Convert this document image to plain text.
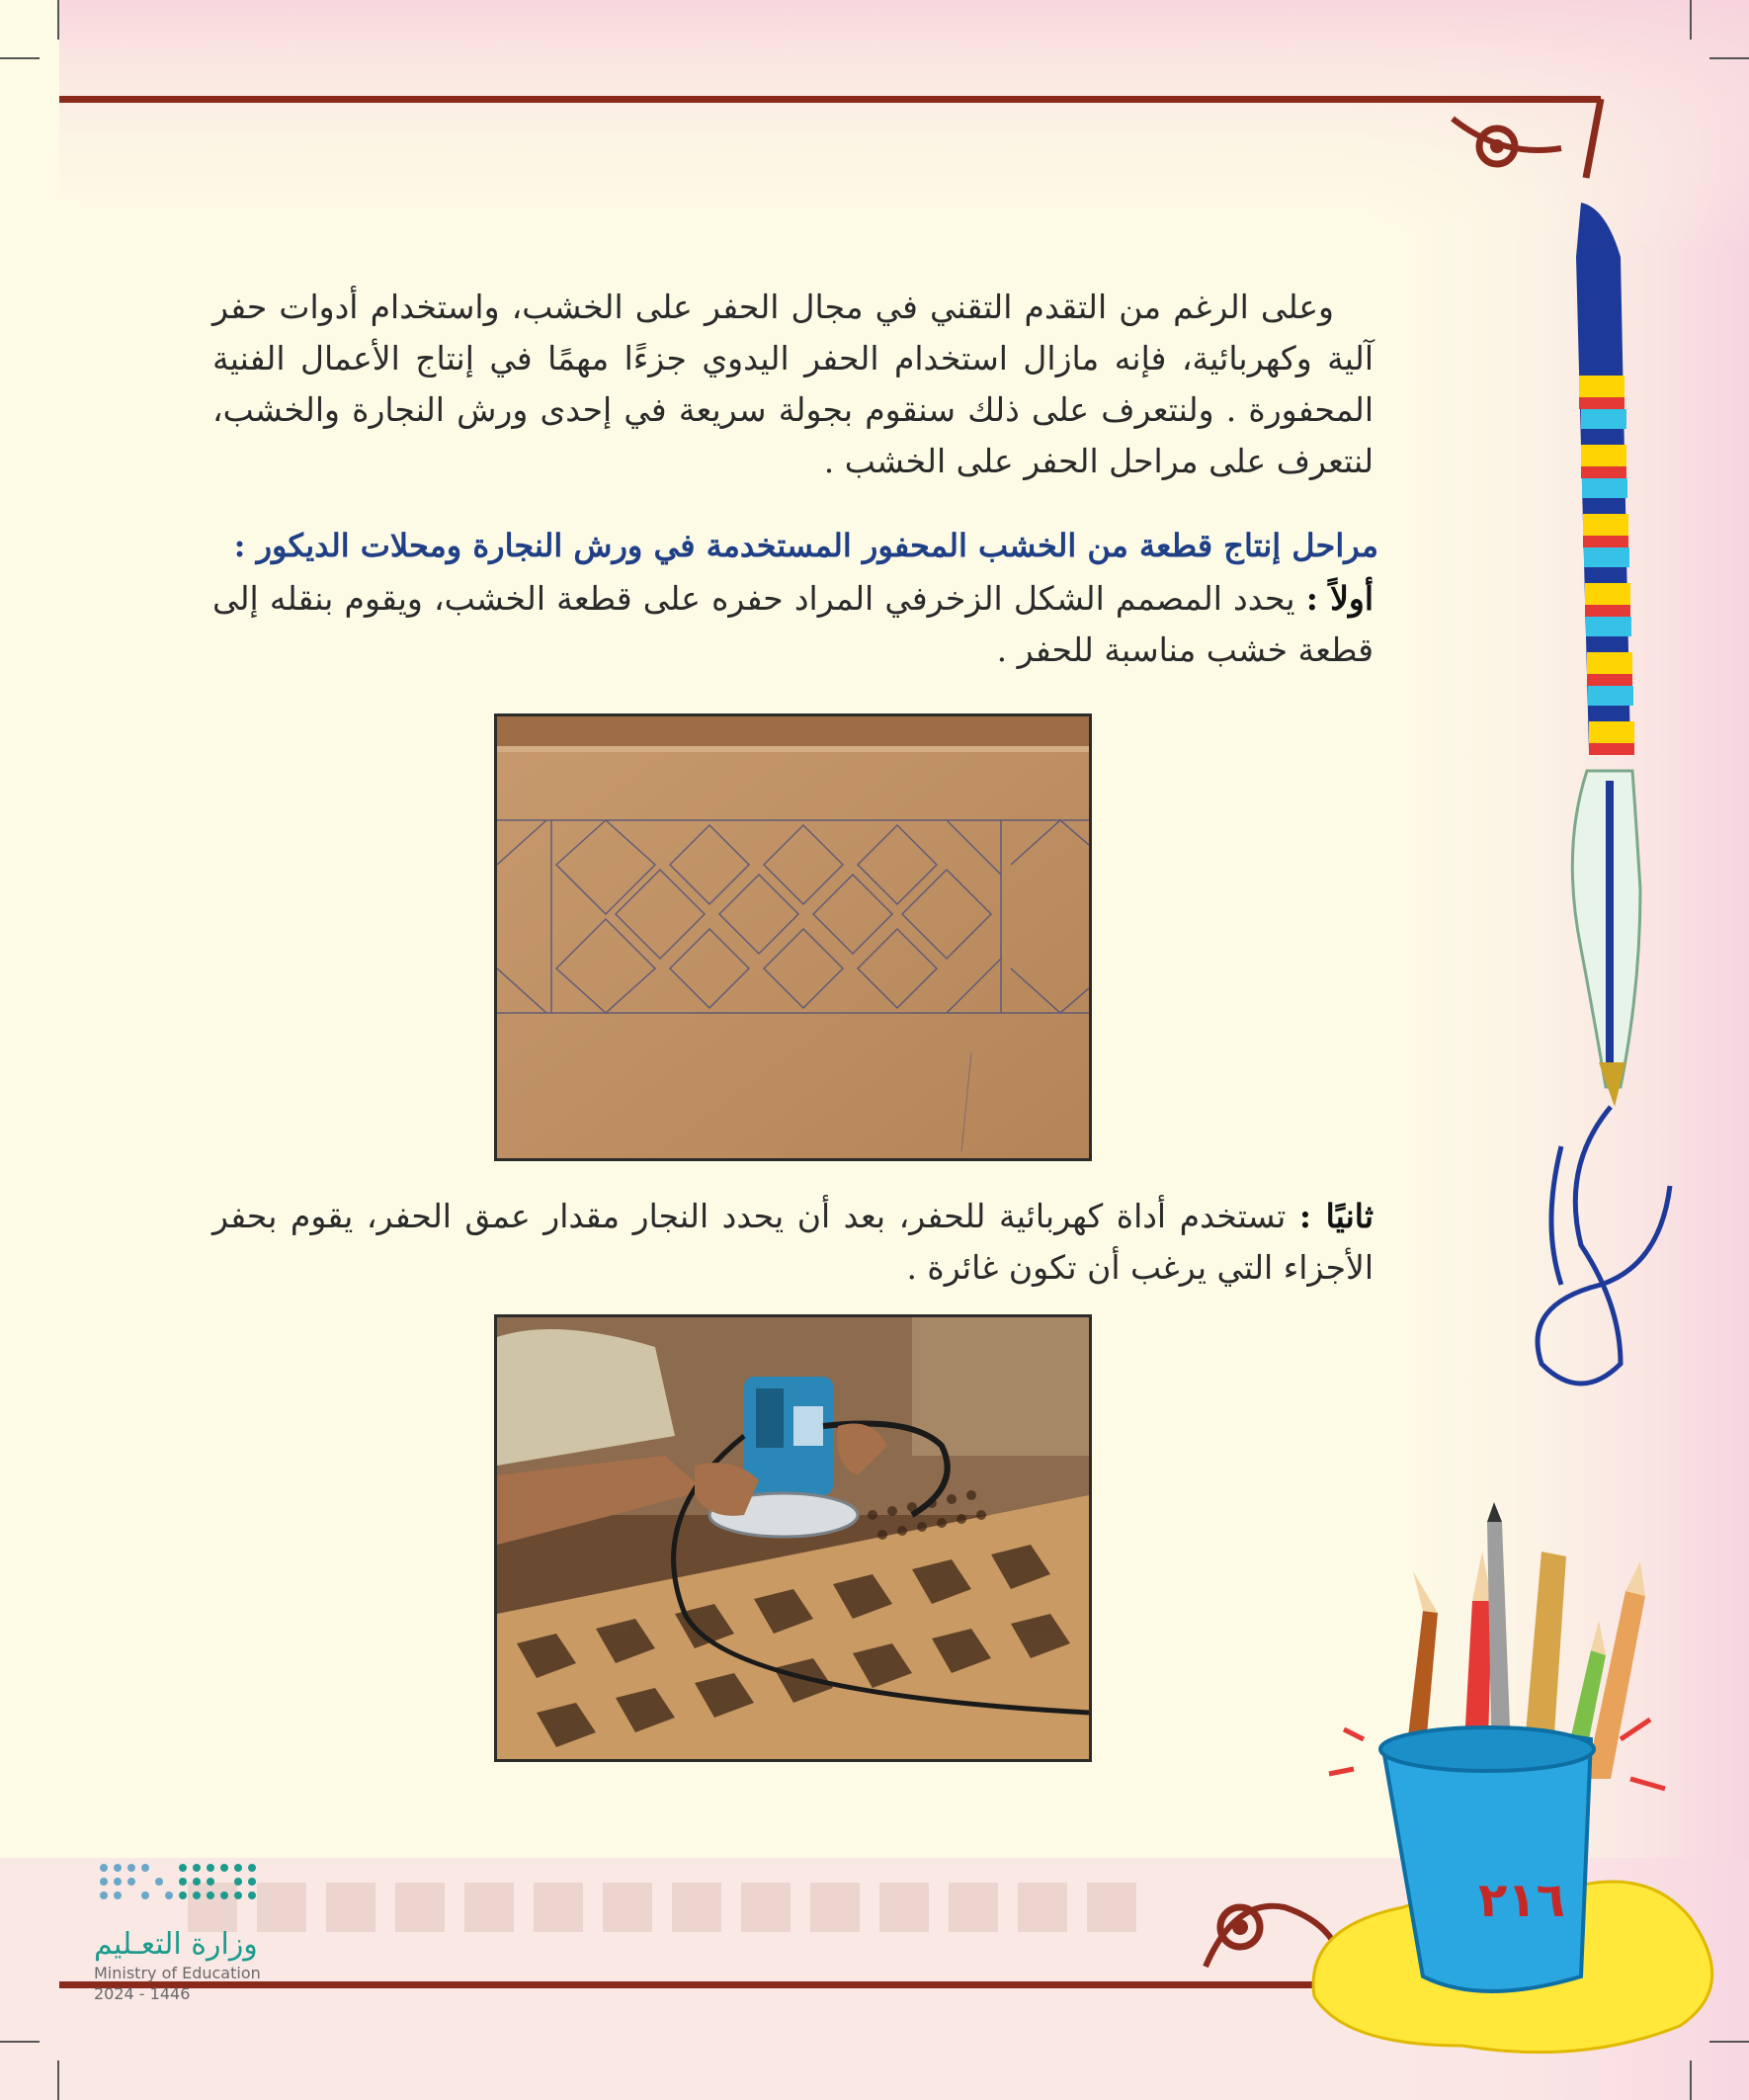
وعلى الرغم من التقدم التقني في مجال الحفر على الخشب، واستخدام أدوات حفر آلية وكهربائية، فإنه مازال استخدام الحفر اليدوي جزءًا مهمًا في إنتاج الأعمال الفنية المحفورة . ولنتعرف على ذلك سنقوم بجولة سريعة في إحدى ورش النجارة والخشب، لنتعرف على مراحل الحفر على الخشب .

مراحل إنتاج قطعة من الخشب المحفور المستخدمة في ورش النجارة ومحلات الديكور :

أولاً : يحدد المصمم الشكل الزخرفي المراد حفره على قطعة الخشب، ويقوم بنقله إلى قطعة خشب مناسبة للحفر .

ثانيًا : تستخدم أداة كهربائية للحفر، بعد أن يحدد النجار مقدار عمق الحفر، يقوم بحفر الأجزاء التي يرغب أن تكون غائرة .

٢١٦
وزارة التعـليم
Ministry of Education
2024 - 1446
